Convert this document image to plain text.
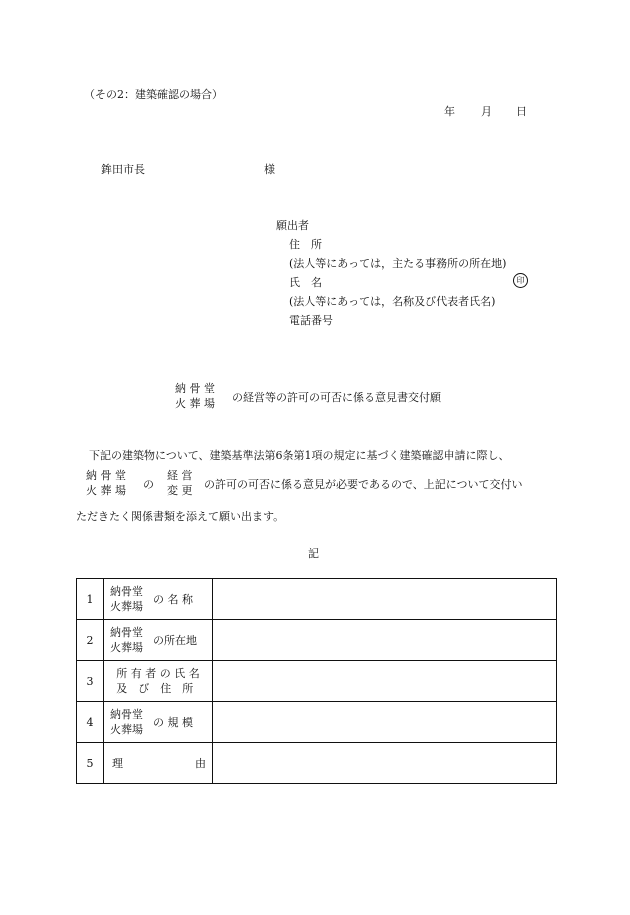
（その2：建築確認の場合）
年 月 日
鉾田市長	様
願出者
住　所
(法人等にあっては，主たる事務所の所在地)
氏　名	印
(法人等にあっては，名称及び代表者氏名)
電話番号
納 骨 堂
火 葬 場 の経営等の許可の可否に係る意見書交付願
下記の建築物について、建築基準法第6条第1項の規定に基づく建築確認申請に際し、
納 骨 堂
火 葬 場 の
経 営
変 更 の許可の可否に係る意見が必要であるので、上記について交付い
ただきたく関係書類を添えて願い出ます。
記
1	納骨堂
火葬場
の 名 称	

2	納骨堂
火葬場
の所在地	

3	所 有 者 の 氏 名
及　び　住　所	

4	納骨堂
火葬場
の 規 模	

5	理 由	
